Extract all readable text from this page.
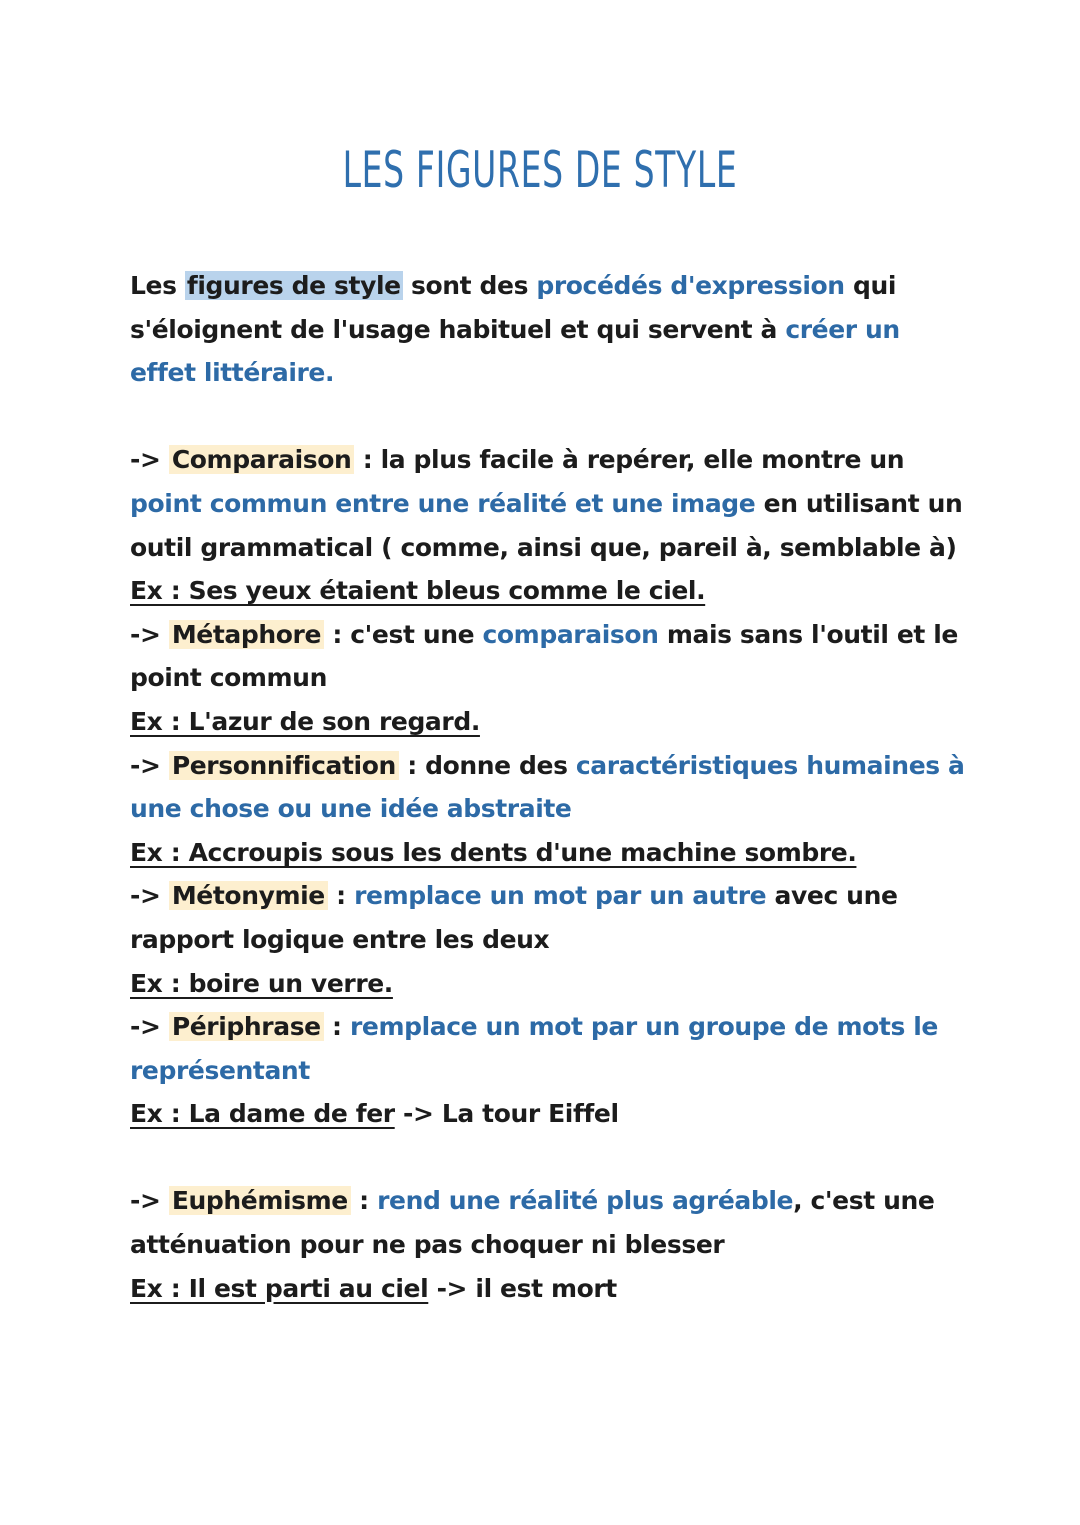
LES FIGURES DE STYLE
Les figures de style sont des procédés d'expression qui
s'éloignent de l'usage habituel et qui servent à créer un
effet littéraire.
-> Comparaison : la plus facile à repérer, elle montre un
point commun entre une réalité et une image en utilisant un
outil grammatical ( comme, ainsi que, pareil à, semblable à)
Ex : Ses yeux étaient bleus comme le ciel.
-> Métaphore : c'est une comparaison mais sans l'outil et le
point commun
Ex : L'azur de son regard.
-> Personnification : donne des caractéristiques humaines à
une chose ou une idée abstraite
Ex : Accroupis sous les dents d'une machine sombre.
-> Métonymie : remplace un mot par un autre avec une
rapport logique entre les deux
Ex : boire un verre.
-> Périphrase : remplace un mot par un groupe de mots le
représentant
Ex : La dame de fer -> La tour Eiffel
-> Euphémisme : rend une réalité plus agréable, c'est une
atténuation pour ne pas choquer ni blesser
Ex : Il est parti au ciel -> il est mort
